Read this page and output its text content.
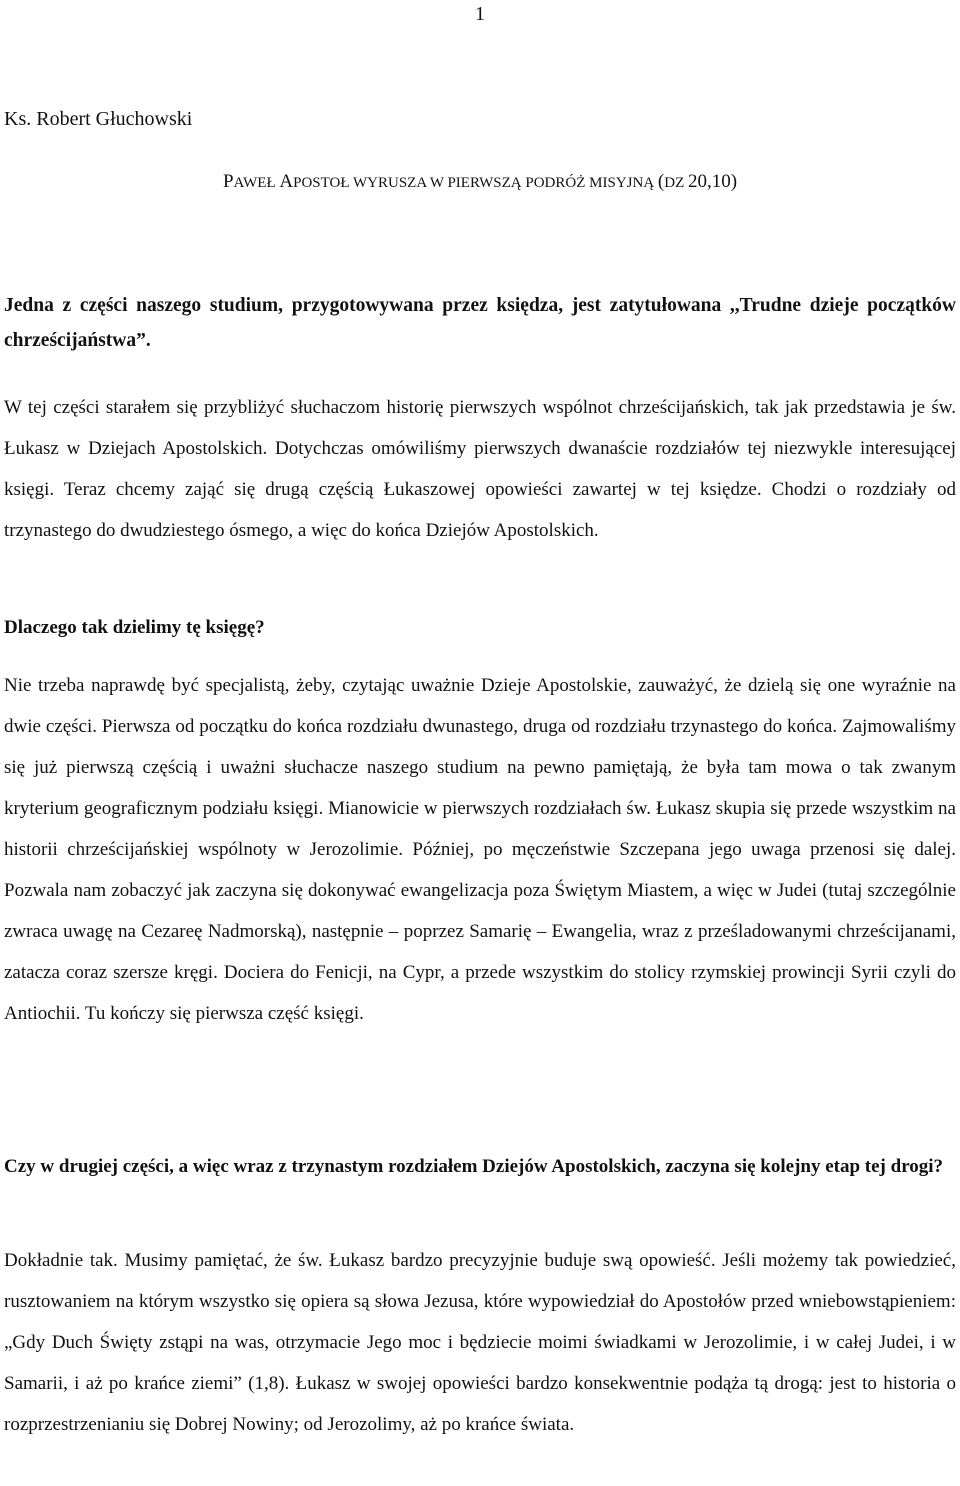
1
Ks. Robert Głuchowski
PAWEŁ APOSTOŁ WYRUSZA W PIERWSZĄ PODRÓŻ MISYJNĄ (DZ 20,10)
Jedna z części naszego studium, przygotowywana przez księdza, jest zatytułowana ,,Trudne dzieje początków chrześcijaństwa”.
W tej części starałem się przybliżyć słuchaczom historię pierwszych wspólnot chrześcijańskich, tak jak przedstawia je św. Łukasz w Dziejach Apostolskich. Dotychczas omówiliśmy pierwszych dwanaście rozdziałów tej niezwykle interesującej księgi. Teraz chcemy zająć się drugą częścią Łukaszowej opowieści zawartej w tej księdze. Chodzi o rozdziały od trzynastego do dwudziestego ósmego, a więc do końca Dziejów Apostolskich.
Dlaczego tak dzielimy tę księgę?
Nie trzeba naprawdę być specjalistą, żeby, czytając uważnie Dzieje Apostolskie, zauważyć, że dzielą się one wyraźnie na dwie części. Pierwsza od początku do końca rozdziału dwunastego, druga od rozdziału trzynastego do końca. Zajmowaliśmy się już pierwszą częścią i uważni słuchacze naszego studium na pewno pamiętają, że była tam mowa o tak zwanym kryterium geograficznym podziału księgi. Mianowicie w pierwszych rozdziałach św. Łukasz skupia się przede wszystkim na historii chrześcijańskiej wspólnoty w Jerozolimie. Później, po męczeństwie Szczepana jego uwaga przenosi się dalej. Pozwala nam zobaczyć jak zaczyna się dokonywać ewangelizacja poza Świętym Miastem, a więc w Judei (tutaj szczególnie zwraca uwagę na Cezareę Nadmorską), następnie – poprzez Samarię – Ewangelia, wraz z prześladowanymi chrześcijanami, zatacza coraz szersze kręgi. Dociera do Fenicji, na Cypr, a przede wszystkim do stolicy rzymskiej prowincji Syrii czyli do Antiochii. Tu kończy się pierwsza część księgi.
Czy w drugiej części, a więc wraz z trzynastym rozdziałem Dziejów Apostolskich, zaczyna się kolejny etap tej drogi?
Dokładnie tak. Musimy pamiętać, że św. Łukasz bardzo precyzyjnie buduje swą opowieść. Jeśli możemy tak powiedzieć, rusztowaniem na którym wszystko się opiera są słowa Jezusa, które wypowiedział do Apostołów przed wniebowstąpieniem: „Gdy Duch Święty zstąpi na was, otrzymacie Jego moc i będziecie moimi świadkami w Jerozolimie, i w całej Judei, i w Samarii, i aż po krańce ziemi” (1,8). Łukasz w swojej opowieści bardzo konsekwentnie podąża tą drogą: jest to historia o rozprzestrzenianiu się Dobrej Nowiny; od Jerozolimy, aż po krańce świata.
